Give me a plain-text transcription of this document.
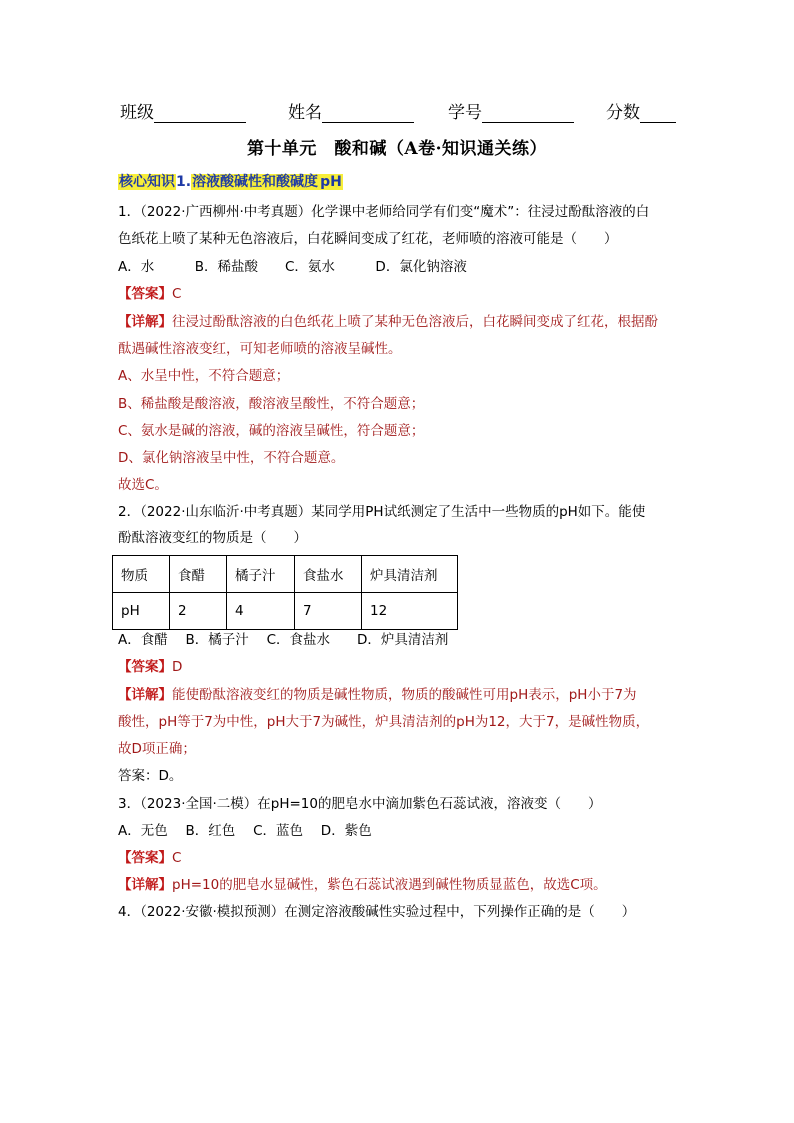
班级	姓名	学号	分数
第十单元　酸和碱（A卷·知识通关练）
核心知识1.溶液酸碱性和酸碱度 pH
1．（2022·广西柳州·中考真题）化学课中老师给同学有们变“魔术”：往浸过酚酞溶液的白
色纸花上喷了某种无色溶液后，白花瞬间变成了红花，老师喷的溶液可能是（　　）
A．水　　　B．稀盐酸　　C．氨水　　　D．氯化钠溶液
【答案】C
【详解】往浸过酚酞溶液的白色纸花上喷了某种无色溶液后，白花瞬间变成了红花，根据酚
酞遇碱性溶液变红，可知老师喷的溶液呈碱性。
A、水呈中性，不符合题意；
B、稀盐酸是酸溶液，酸溶液呈酸性，不符合题意；
C、氨水是碱的溶液，碱的溶液呈碱性，符合题意；
D、氯化钠溶液呈中性，不符合题意。
故选C。
2．（2022·山东临沂·中考真题）某同学用PH试纸测定了生活中一些物质的pH如下。能使
酚酞溶液变红的物质是（　　）
物质	食醋	橘子汁	食盐水	炉具清洁剂
pH	2	4	7	12
A．食醋　 B．橘子汁　 C．食盐水　　D．炉具清洁剂
【答案】D
【详解】能使酚酞溶液变红的物质是碱性物质，物质的酸碱性可用pH表示，pH小于7为
酸性，pH等于7为中性，pH大于7为碱性，炉具清洁剂的pH为12，大于7，是碱性物质，
故D项正确；
答案：D。
3．（2023·全国·二模）在pH=10的肥皂水中滴加紫色石蕊试液，溶液变（　　）
A．无色　 B．红色　 C．蓝色　 D．紫色
【答案】C
【详解】pH=10的肥皂水显碱性，紫色石蕊试液遇到碱性物质显蓝色，故选C项。
4．（2022·安徽·模拟预测）在测定溶液酸碱性实验过程中，下列操作正确的是（　　）
